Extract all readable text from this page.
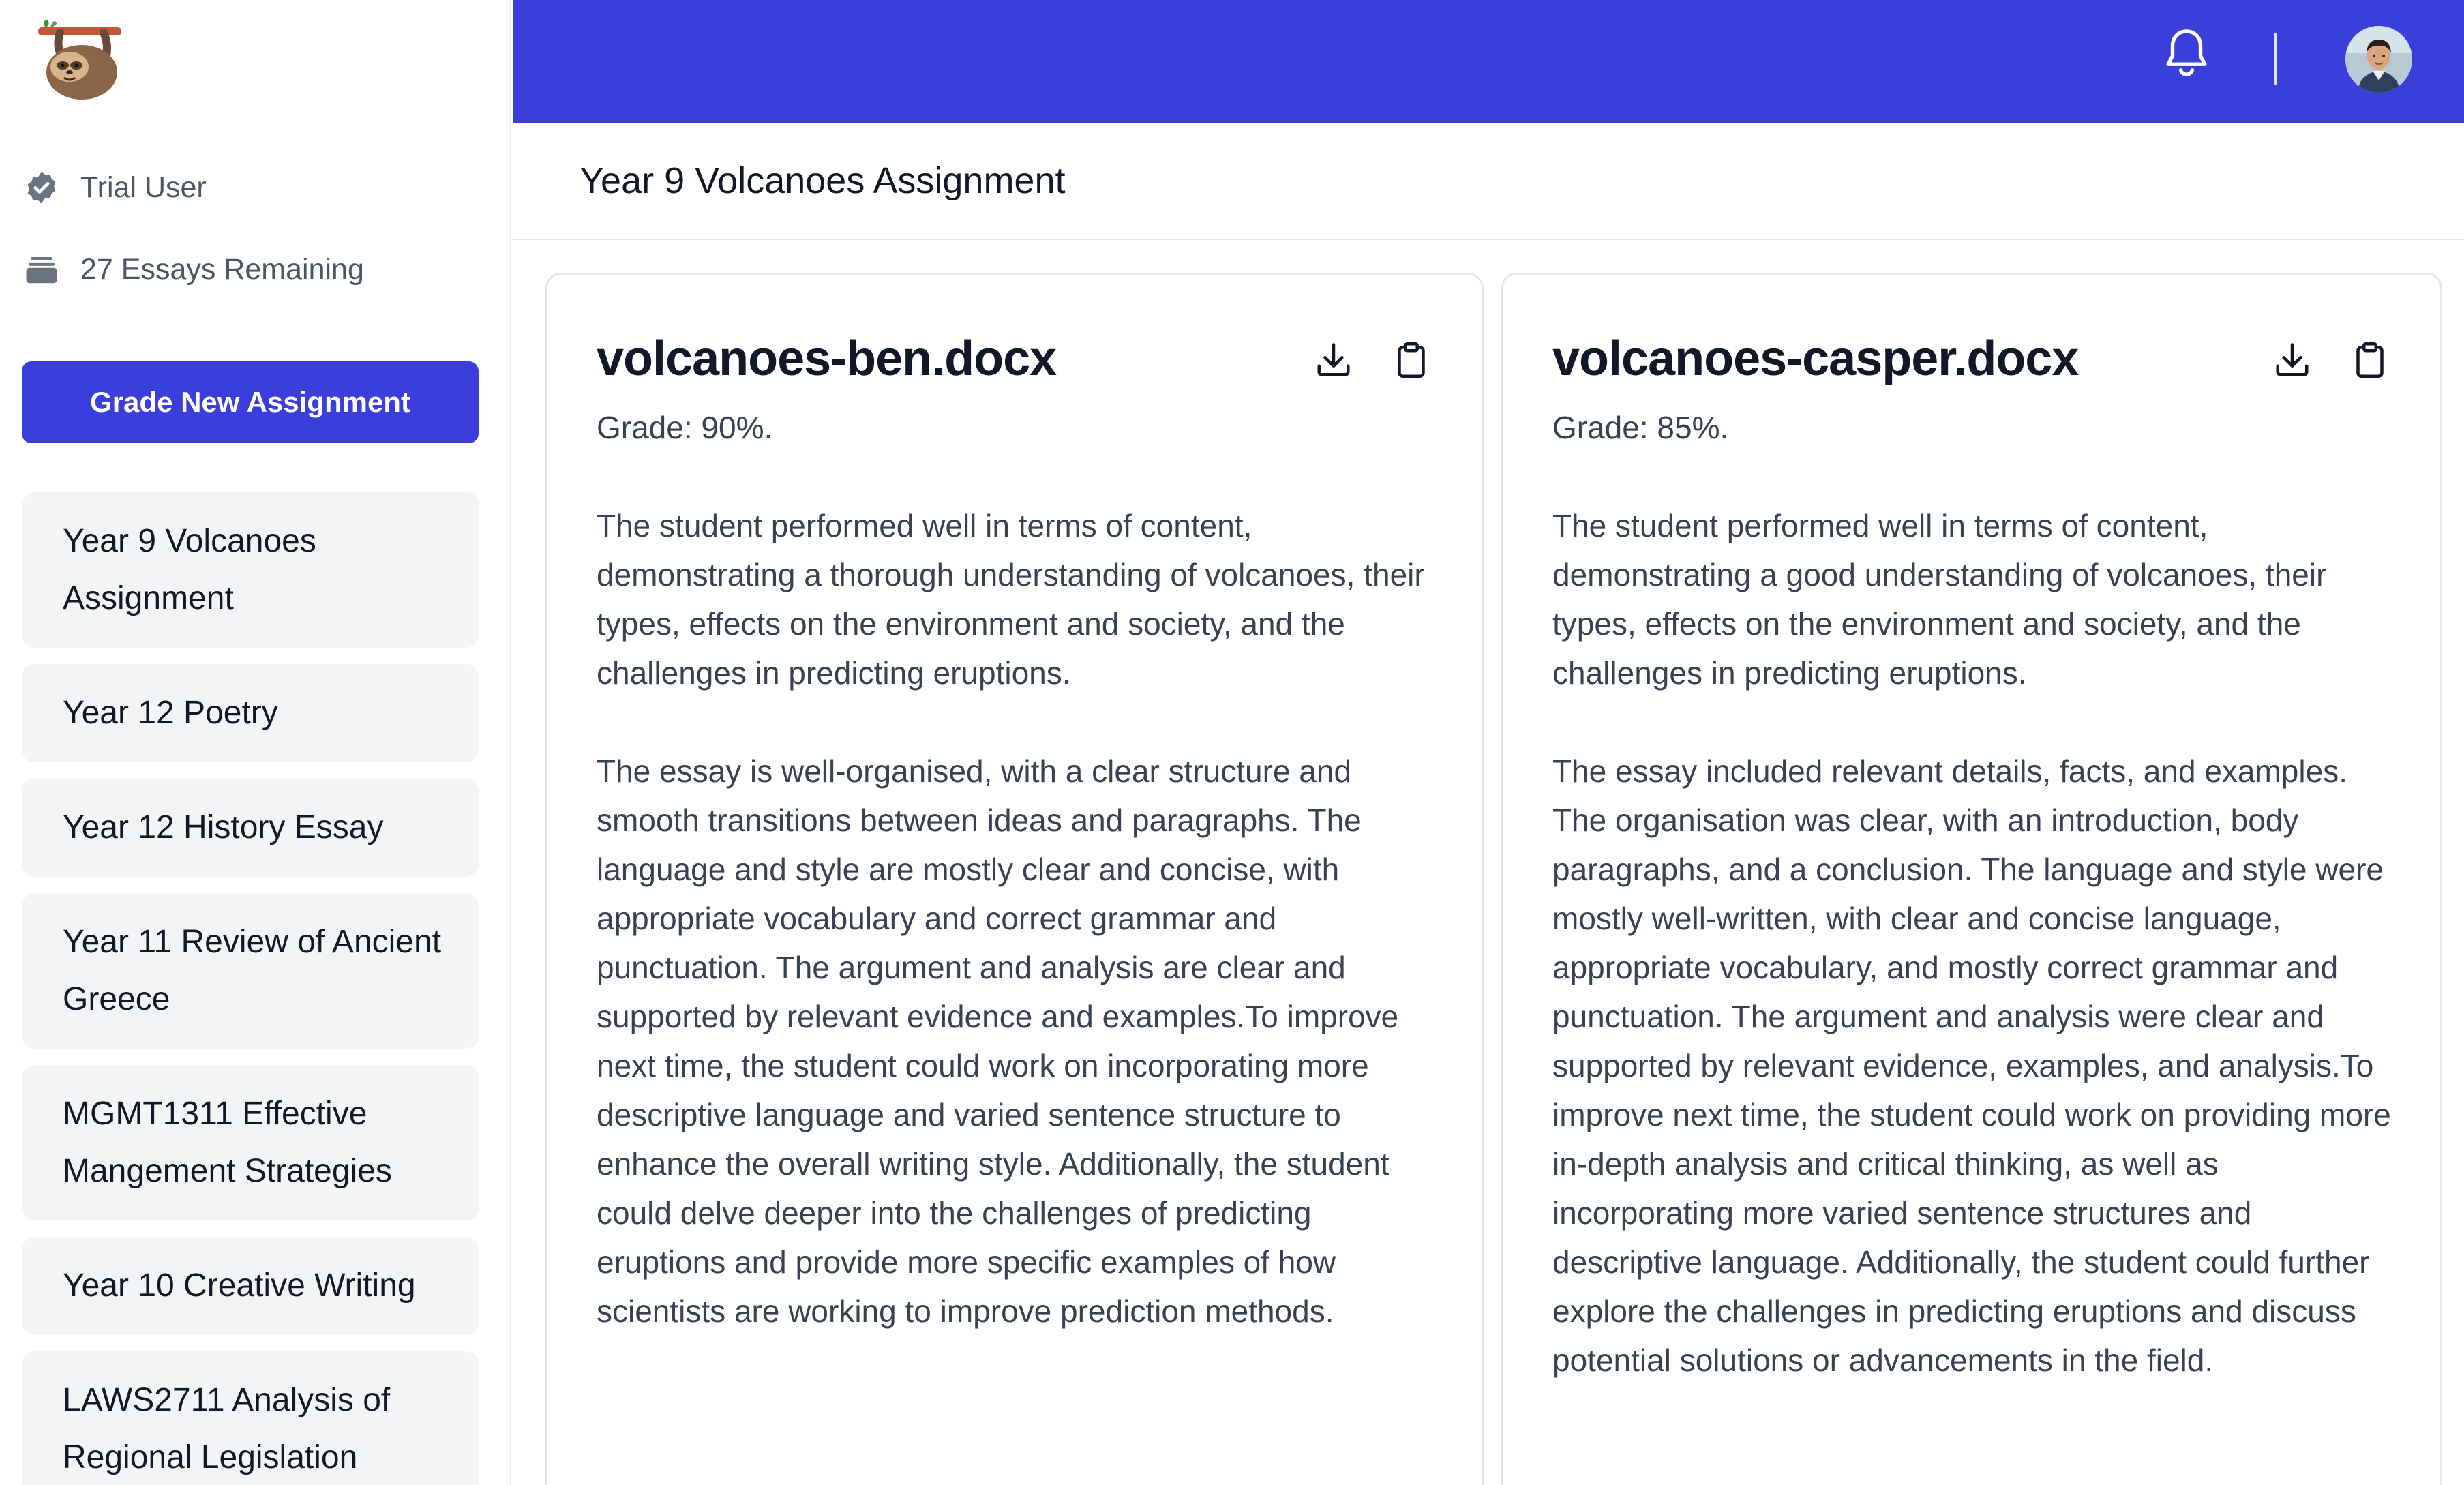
Trial User
27 Essays Remaining
Grade New Assignment
Year 9 Volcanoes Assignment
Year 12 Poetry
Year 12 History Essay
Year 11 Review of Ancient Greece
MGMT1311 Effective Mangement Strategies
Year 10 Creative Writing
LAWS2711 Analysis of Regional Legislation
Year 9 Volcanoes Assignment
volcanoes-ben.docx
Grade: 90%.

The student performed well in terms of content, demonstrating a thorough understanding of volcanoes, their types, effects on the environment and society, and the challenges in predicting eruptions.

The essay is well-organised, with a clear structure and smooth transitions between ideas and paragraphs. The language and style are mostly clear and concise, with appropriate vocabulary and correct grammar and punctuation. The argument and analysis are clear and supported by relevant evidence and examples.To improve next time, the student could work on incorporating more descriptive language and varied sentence structure to enhance the overall writing style. Additionally, the student could delve deeper into the challenges of predicting eruptions and provide more specific examples of how scientists are working to improve prediction methods.

volcanoes-casper.docx
Grade: 85%.

The student performed well in terms of content, demonstrating a good understanding of volcanoes, their types, effects on the environment and society, and the challenges in predicting eruptions.

The essay included relevant details, facts, and examples. The organisation was clear, with an introduction, body paragraphs, and a conclusion. The language and style were mostly well-written, with clear and concise language, appropriate vocabulary, and mostly correct grammar and punctuation. The argument and analysis were clear and supported by relevant evidence, examples, and analysis.To improve next time, the student could work on providing more in-depth analysis and critical thinking, as well as incorporating more varied sentence structures and descriptive language. Additionally, the student could further explore the challenges in predicting eruptions and discuss potential solutions or advancements in the field.
